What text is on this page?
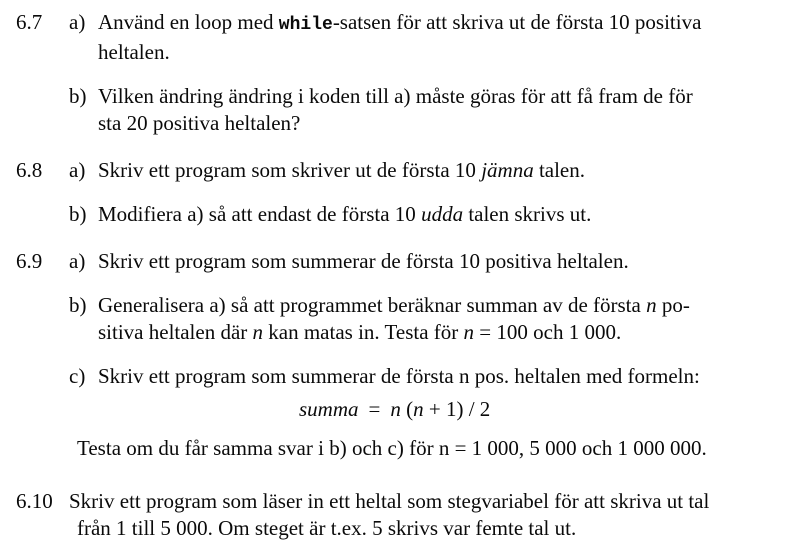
6.7	a) Använd en loop med while-satsen för att skriva ut de första 10 positiva
heltalen.
b) Vilken ändring ändring i koden till a) måste göras för att få fram de för
sta 20 positiva heltalen?
6.8	a) Skriv ett program som skriver ut de första 10 jämna talen.
b) Modifiera a) så att endast de första 10 udda talen skrivs ut.
6.9	a) Skriv ett program som summerar de första 10 positiva heltalen.
b) Generalisera a) så att programmet beräknar summan av de första n po-
sitiva heltalen där n kan matas in. Testa för n = 100 och 1 000.
c) Skriv ett program som summerar de första n pos. heltalen med formeln:
summa = n (n + 1) / 2
Testa om du får samma svar i b) och c) för n = 1 000, 5 000 och 1 000 000.
6.10 Skriv ett program som läser in ett heltal som stegvariabel för att skriva ut tal
från 1 till 5 000. Om steget är t.ex. 5 skrivs var femte tal ut.
